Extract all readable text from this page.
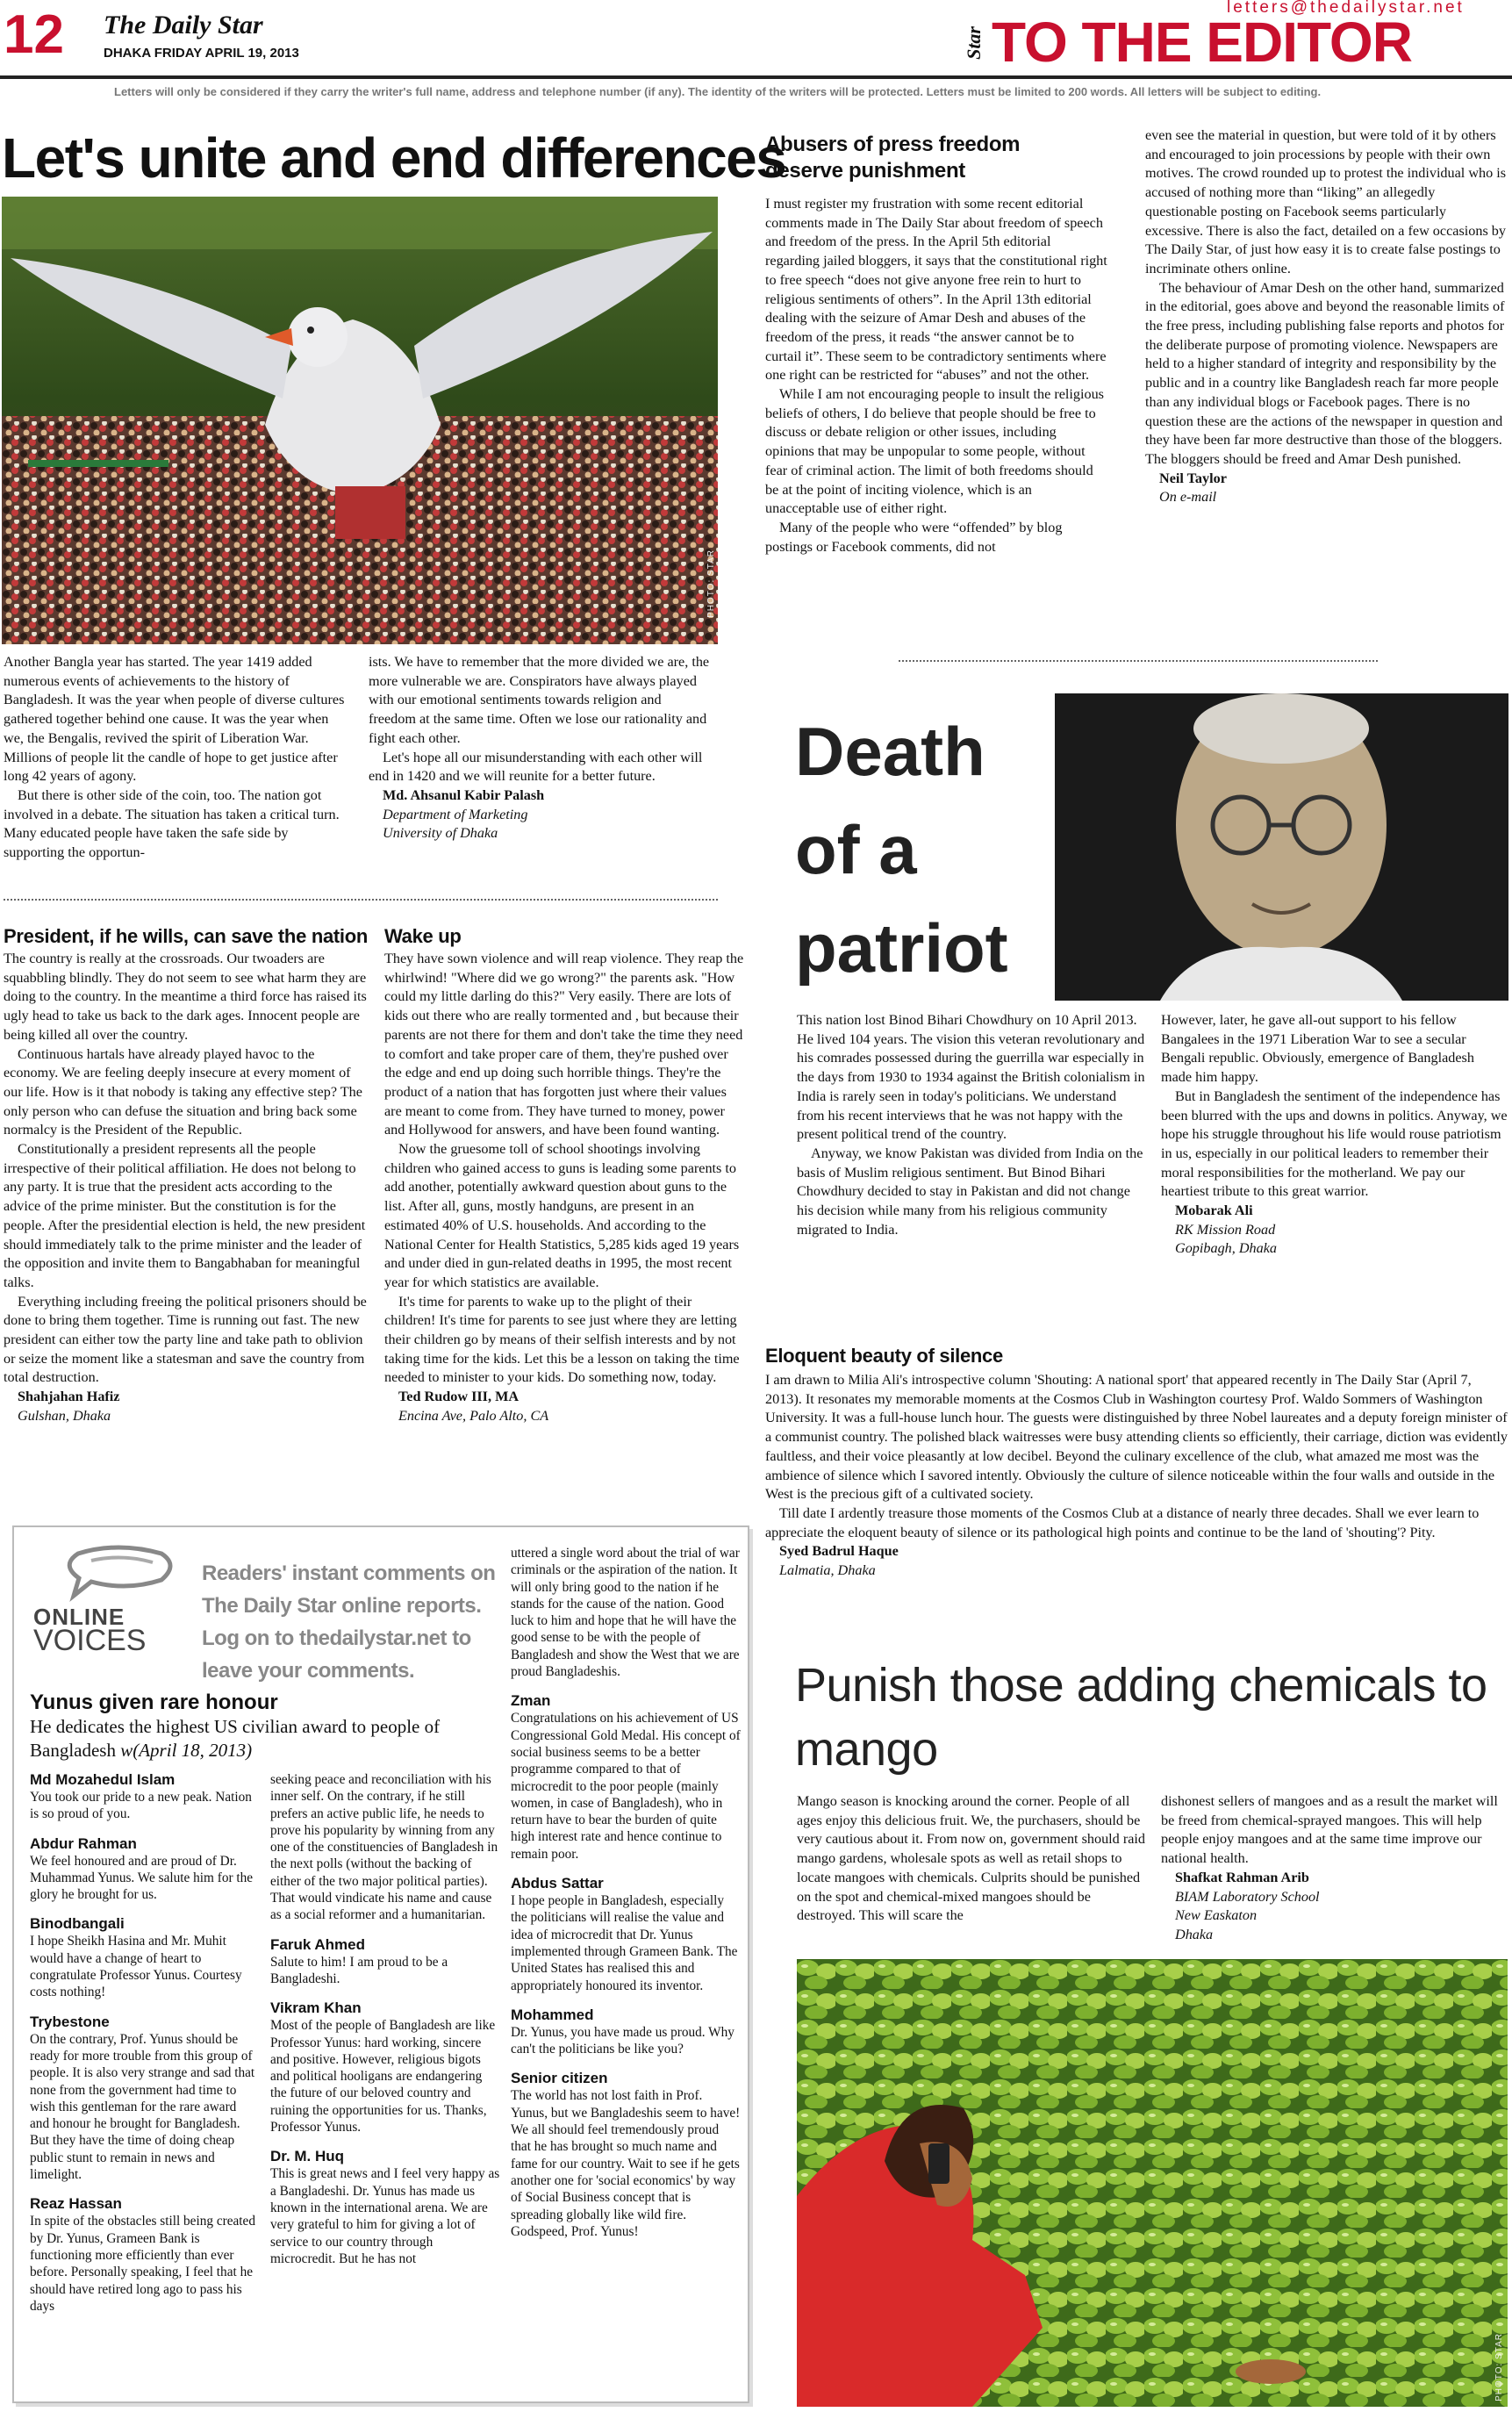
12 The Daily Star
DHAKA FRIDAY APRIL 19, 2013
letters@thedailystar.net
Star TO THE EDITOR
Letters will only be considered if they carry the writer's full name, address and telephone number (if any). The identity of the writers will be protected. Letters must be limited to 200 words. All letters will be subject to editing.
Let's unite and end differences
PHOTO: STAR

Another Bangla year has started. The year 1419 added numerous events of achievements to the history of Bangladesh. It was the year when people of diverse cultures gathered together behind one cause. It was the year when we, the Bengalis, revived the spirit of Liberation War. Millions of people lit the candle of hope to get justice after long 42 years of agony.

But there is other side of the coin, too. The nation got involved in a debate. The situation has taken a critical turn. Many educated people have taken the safe side by supporting the opportun-

ists. We have to remember that the more divided we are, the more vulnerable we are. Conspirators have always played with our emotional sentiments towards religion and freedom at the same time. Often we lose our rationality and fight each other.

Let's hope all our misunderstanding with each other will end in 1420 and we will reunite for a better future.

Md. Ahsanul Kabir Palash

Department of Marketing

University of Dhaka

Abusers of press freedom deserve punishment

I must register my frustration with some recent editorial comments made in The Daily Star about freedom of speech and freedom of the press. In the April 5th editorial regarding jailed bloggers, it says that the constitutional right to free speech “does not give anyone free rein to hurt to religious sentiments of others”. In the April 13th editorial dealing with the seizure of Amar Desh and abuses of the freedom of the press, it reads “the answer cannot be to curtail it”. These seem to be contradictory sentiments where one right can be restricted for “abuses” and not the other.

While I am not encouraging people to insult the religious beliefs of others, I do believe that people should be free to discuss or debate religion or other issues, including opinions that may be unpopular to some people, without fear of criminal action. The limit of both freedoms should be at the point of inciting violence, which is an unacceptable use of either right.

Many of the people who were “offended” by blog postings or Facebook comments, did not

even see the material in question, but were told of it by others and encouraged to join processions by people with their own motives. The crowd rounded up to protest the individual who is accused of nothing more than “liking” an allegedly questionable posting on Facebook seems particularly excessive. There is also the fact, detailed on a few occasions by The Daily Star, of just how easy it is to create false postings to incriminate others online.

The behaviour of Amar Desh on the other hand, summarized in the editorial, goes above and beyond the reasonable limits of the free press, including publishing false reports and photos for the deliberate purpose of promoting violence. Newspapers are held to a higher standard of integrity and responsibility by the public and in a country like Bangladesh reach far more people than any individual blogs or Facebook pages. There is no question these are the actions of the newspaper in question and they have been far more destructive than those of the bloggers. The bloggers should be freed and Amar Desh punished.

Neil Taylor

On e-mail

President, if he wills, can save the nation

The country is really at the crossroads. Our twoaders are squabbling blindly. They do not seem to see what harm they are doing to the country. In the meantime a third force has raised its ugly head to take us back to the dark ages. Innocent people are being killed all over the country.

Continuous hartals have already played havoc to the economy. We are feeling deeply insecure at every moment of our life. How is it that nobody is taking any effective step? The only person who can defuse the situation and bring back some normalcy is the President of the Republic.

Constitutionally a president represents all the people irrespective of their political affiliation. He does not belong to any party. It is true that the president acts according to the advice of the prime minister. But the constitution is for the people. After the presidential election is held, the new president should immediately talk to the prime minister and the leader of the opposition and invite them to Bangabhaban for meaningful talks.

Everything including freeing the political prisoners should be done to bring them together. Time is running out fast. The new president can either tow the party line and take path to oblivion or seize the moment like a statesman and save the country from total destruction.

Shahjahan Hafiz

Gulshan, Dhaka

Wake up

They have sown violence and will reap violence. They reap the whirlwind! "Where did we go wrong?" the parents ask. "How could my little darling do this?" Very easily. There are lots of kids out there who are really tormented and , but because their parents are not there for them and don't take the time they need to comfort and take proper care of them, they're pushed over the edge and end up doing such horrible things. They're the product of a nation that has forgotten just where their values are meant to come from. They have turned to money, power and Hollywood for answers, and have been found wanting.

Now the gruesome toll of school shootings involving children who gained access to guns is leading some parents to add another, potentially awkward question about guns to the list. After all, guns, mostly handguns, are present in an estimated 40% of U.S. households. And according to the National Center for Health Statistics, 5,285 kids aged 19 years and under died in gun-related deaths in 1995, the most recent year for which statistics are available.

It's time for parents to wake up to the plight of their children! It's time for parents to see just where they are letting their children go by means of their selfish interests and by not taking time for the kids. Let this be a lesson on taking the time needed to minister to your kids. Do something now, today.

Ted Rudow III, MA

Encina Ave, Palo Alto, CA

Death
of a
patriot

This nation lost Binod Bihari Chowdhury on 10 April 2013. He lived 104 years. The vision this veteran revolutionary and his comrades possessed during the guerrilla war especially in the days from 1930 to 1934 against the British colonialism in India is rarely seen in today's politicians. We understand from his recent interviews that he was not happy with the present political trend of the country.

Anyway, we know Pakistan was divided from India on the basis of Muslim religious sentiment. But Binod Bihari Chowdhury decided to stay in Pakistan and did not change his decision while many from his religious community migrated to India.

However, later, he gave all-out support to his fellow Bangalees in the 1971 Liberation War to see a secular Bengali republic. Obviously, emergence of Bangladesh made him happy.

But in Bangladesh the sentiment of the independence has been blurred with the ups and downs in politics. Anyway, we hope his struggle throughout his life would rouse patriotism in us, especially in our political leaders to remember their moral responsibilities for the motherland. We pay our heartiest tribute to this great warrior.

Mobarak Ali

RK Mission Road

Gopibagh, Dhaka

Eloquent beauty of silence

I am drawn to Milia Ali's introspective column 'Shouting: A national sport' that appeared recently in The Daily Star (April 7, 2013). It resonates my memorable moments at the Cosmos Club in Washington courtesy Prof. Waldo Sommers of Washington University. It was a full-house lunch hour. The guests were distinguished by three Nobel laureates and a deputy foreign minister of a communist country. The polished black waitresses were busy attending clients so efficiently, their carriage, diction was evidently faultless, and their voice pleasantly at low decibel. Beyond the culinary excellence of the club, what amazed me most was the ambience of silence which I savored intently. Obviously the culture of silence noticeable within the four walls and outside in the West is the precious gift of a cultivated society.

Till date I ardently treasure those moments of the Cosmos Club at a distance of nearly three decades. Shall we ever learn to appreciate the eloquent beauty of silence or its pathological high points and continue to be the land of 'shouting'? Pity.

Syed Badrul Haque

Lalmatia, Dhaka

Punish those adding chemicals to mango

Mango season is knocking around the corner. People of all ages enjoy this delicious fruit. We, the purchasers, should be very cautious about it. From now on, government should raid mango gardens, wholesale spots as well as retail shops to locate mangoes with chemicals. Culprits should be punished on the spot and chemical-mixed mangoes should be destroyed. This will scare the

dishonest sellers of mangoes and as a result the market will be freed from chemical-sprayed mangoes. This will help people enjoy mangoes and at the same time improve our national health.

Shafkat Rahman Arib

BIAM Laboratory School

New Easkaton

Dhaka

PHOTO: STAR
ONLINE
VOICES
Readers' instant comments on The Daily Star online reports. Log on to thedailystar.net to leave your comments.
Yunus given rare honour
He dedicates the highest US civilian award to people of Bangladesh w(April 18, 2013)
Md Mozahedul Islam
You took our pride to a new peak. Nation is so proud of you.
Abdur Rahman
We feel honoured and are proud of Dr. Muhammad Yunus. We salute him for the glory he brought for us.
Binodbangali
I hope Sheikh Hasina and Mr. Muhit would have a change of heart to congratulate Professor Yunus. Courtesy costs nothing!
Trybestone
On the contrary, Prof. Yunus should be ready for more trouble from this group of people. It is also very strange and sad that none from the government had time to wish this gentleman for the rare award and honour he brought for Bangladesh. But they have the time of doing cheap public stunt to remain in news and limelight.
Reaz Hassan
In spite of the obstacles still being created by Dr. Yunus, Grameen Bank is functioning more efficiently than ever before. Personally speaking, I feel that he should have retired long ago to pass his days
seeking peace and reconciliation with his inner self. On the contrary, if he still prefers an active public life, he needs to prove his popularity by winning from any one of the constituencies of Bangladesh in the next polls (without the backing of either of the two major political parties). That would vindicate his name and cause as a social reformer and a humanitarian.
Faruk Ahmed
Salute to him! I am proud to be a Bangladeshi.
Vikram Khan
Most of the people of Bangladesh are like Professor Yunus: hard working, sincere and positive. However, religious bigots and political hooligans are endangering the future of our beloved country and ruining the opportunities for us. Thanks, Professor Yunus.
Dr. M. Huq
This is great news and I feel very happy as a Bangladeshi. Dr. Yunus has made us known in the international arena. We are very grateful to him for giving a lot of service to our country through microcredit. But he has not
uttered a single word about the trial of war criminals or the aspiration of the nation. It will only bring good to the nation if he stands for the cause of the nation. Good luck to him and hope that he will have the good sense to be with the people of Bangladesh and show the West that we are proud Bangladeshis.
Zman
Congratulations on his achievement of US Congressional Gold Medal. His concept of social business seems to be a better programme compared to that of microcredit to the poor people (mainly women, in case of Bangladesh), who in return have to bear the burden of quite high interest rate and hence continue to remain poor.
Abdus Sattar
I hope people in Bangladesh, especially the politicians will realise the value and idea of microcredit that Dr. Yunus implemented through Grameen Bank. The United States has realised this and appropriately honoured its inventor.
Mohammed
Dr. Yunus, you have made us proud. Why can't the politicians be like you?
Senior citizen
The world has not lost faith in Prof. Yunus, but we Bangladeshis seem to have! We all should feel tremendously proud that he has brought so much name and fame for our country. Wait to see if he gets another one for 'social economics' by way of Social Business concept that is spreading globally like wild fire. Godspeed, Prof. Yunus!
